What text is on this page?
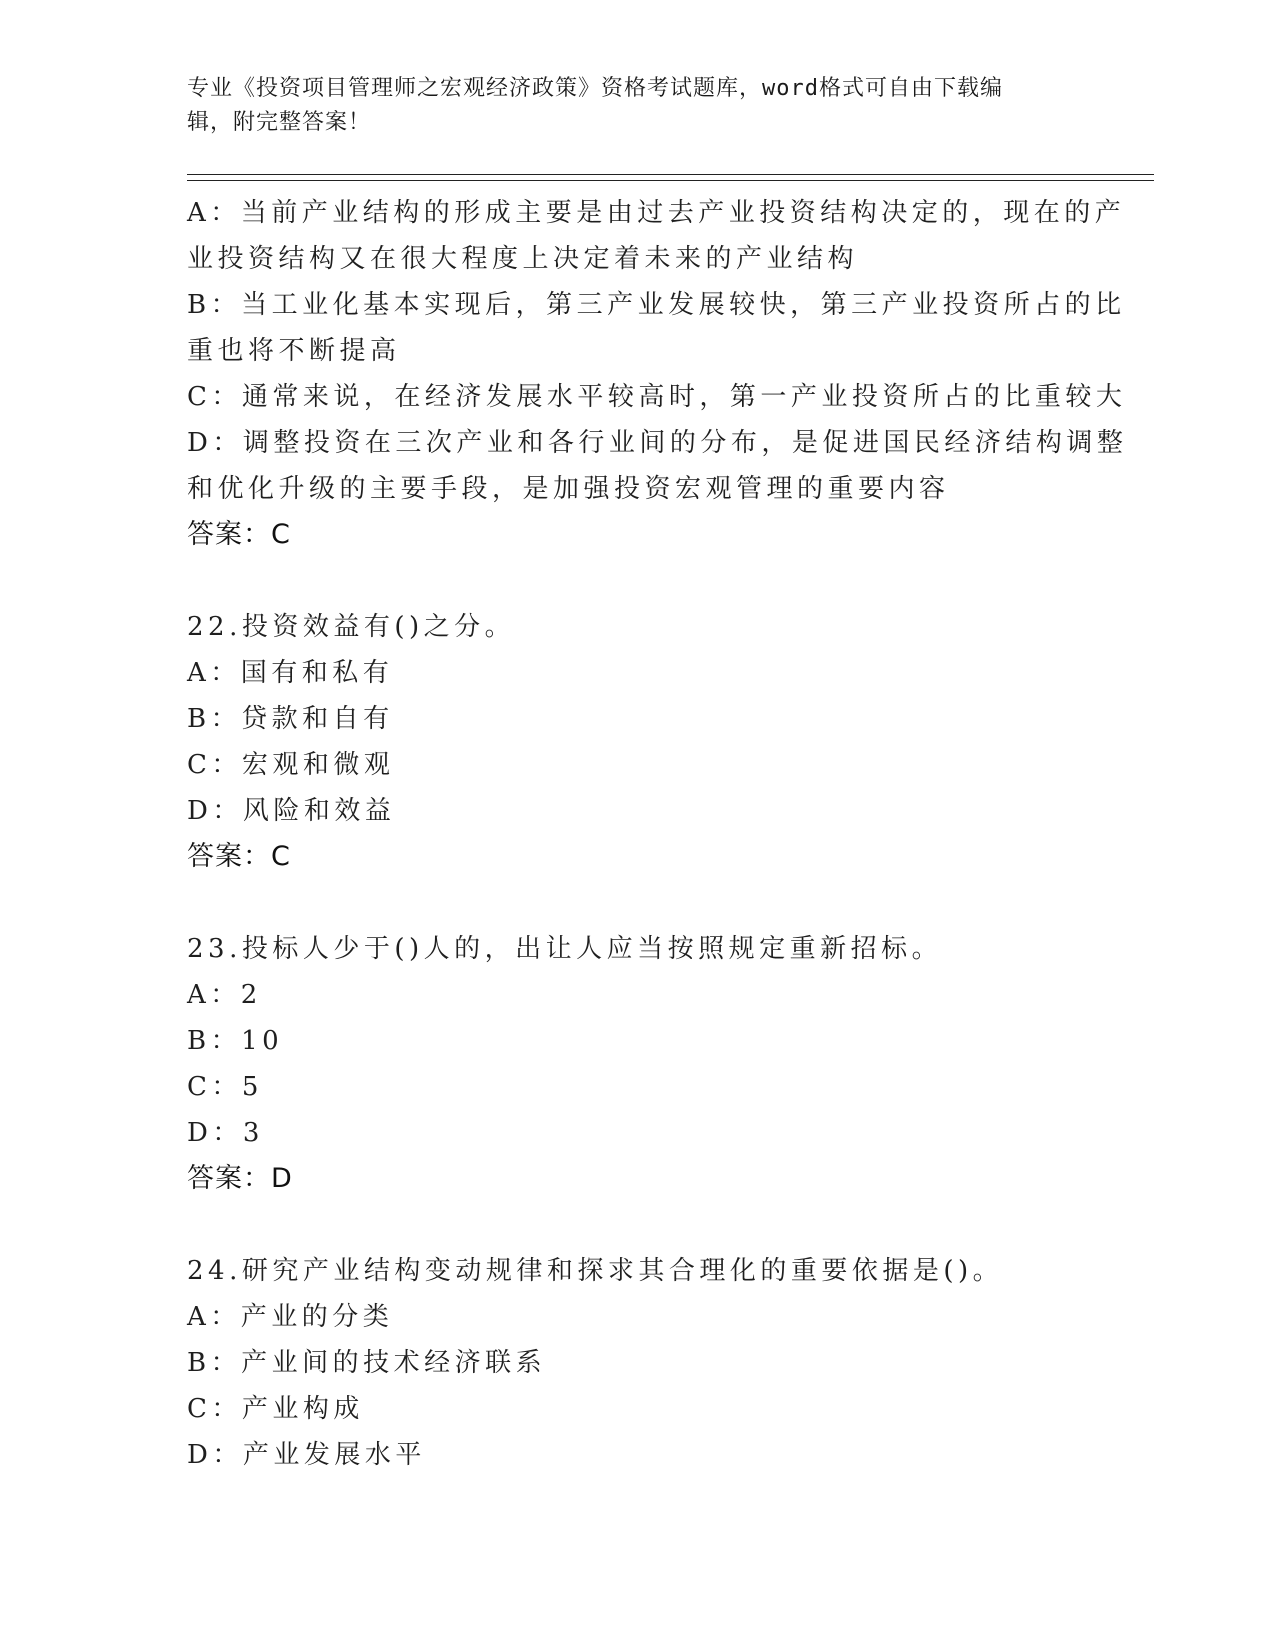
专业《投资项目管理师之宏观经济政策》资格考试题库，word格式可自由下载编
辑，附完整答案！
A：当前产业结构的形成主要是由过去产业投资结构决定的，现在的产
业投资结构又在很大程度上决定着未来的产业结构
B：当工业化基本实现后，第三产业发展较快，第三产业投资所占的比
重也将不断提高
C：通常来说，在经济发展水平较高时，第一产业投资所占的比重较大
D：调整投资在三次产业和各行业间的分布，是促进国民经济结构调整
和优化升级的主要手段，是加强投资宏观管理的重要内容
答案：C
22.投资效益有()之分。
A：国有和私有
B：贷款和自有
C：宏观和微观
D：风险和效益
答案：C
23.投标人少于()人的，出让人应当按照规定重新招标。
A：2
B：10
C：5
D：3
答案：D
24.研究产业结构变动规律和探求其合理化的重要依据是()。
A：产业的分类
B：产业间的技术经济联系
C：产业构成
D：产业发展水平
